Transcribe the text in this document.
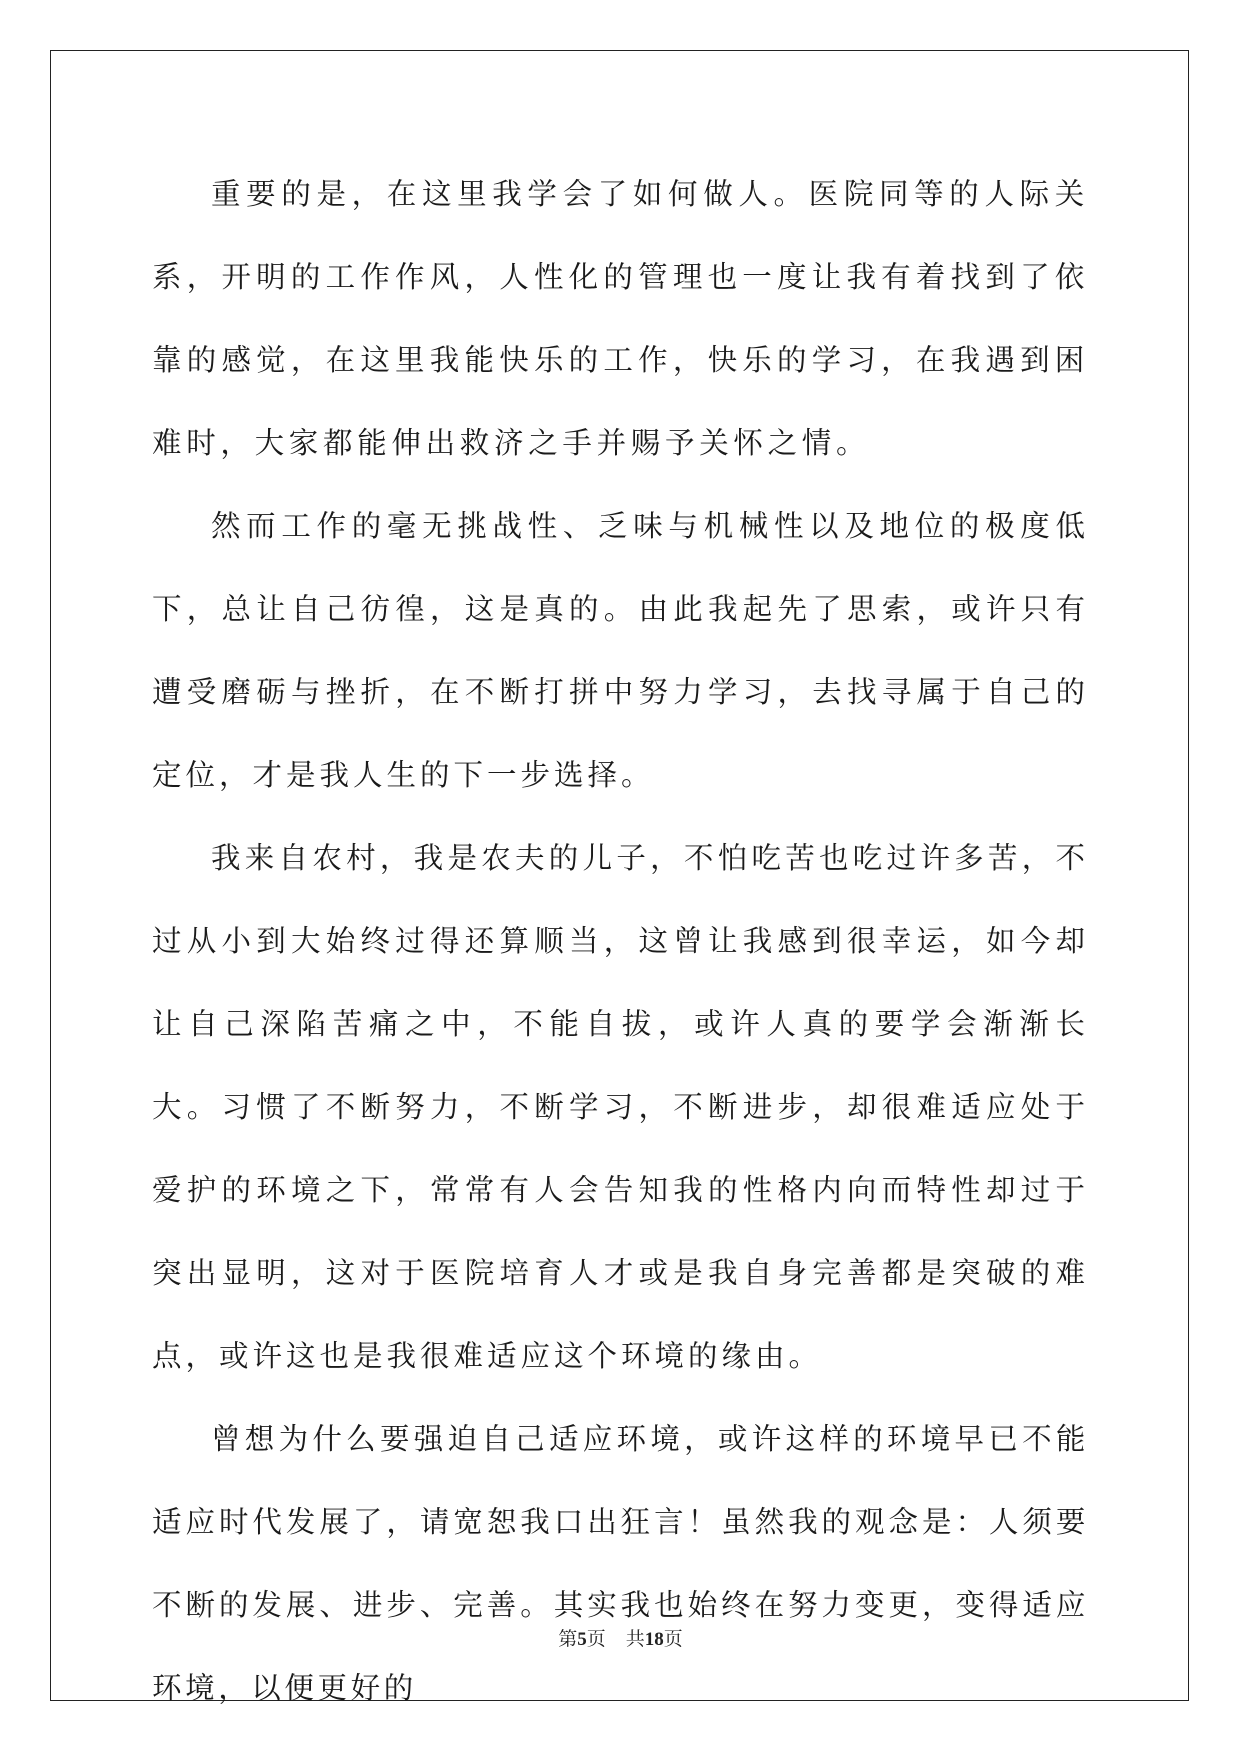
重要的是，在这里我学会了如何做人。医院同等的人际关系，开明的工作作风，人性化的管理也一度让我有着找到了依靠的感觉，在这里我能快乐的工作，快乐的学习，在我遇到困难时，大家都能伸出救济之手并赐予关怀之情。

然而工作的毫无挑战性、乏味与机械性以及地位的极度低下，总让自己彷徨，这是真的。由此我起先了思索，或许只有遭受磨砺与挫折，在不断打拼中努力学习，去找寻属于自己的定位，才是我人生的下一步选择。

我来自农村，我是农夫的儿子，不怕吃苦也吃过许多苦，不过从小到大始终过得还算顺当，这曾让我感到很幸运，如今却让自己深陷苦痛之中，不能自拔，或许人真的要学会渐渐长大。习惯了不断努力，不断学习，不断进步，却很难适应处于爱护的环境之下，常常有人会告知我的性格内向而特性却过于突出显明，这对于医院培育人才或是我自身完善都是突破的难点，或许这也是我很难适应这个环境的缘由。

曾想为什么要强迫自己适应环境，或许这样的环境早已不能适应时代发展了，请宽恕我口出狂言！虽然我的观念是：人须要不断的发展、进步、完善。其实我也始终在努力变更，变得适应环境，以便更好的

第5页 共18页
